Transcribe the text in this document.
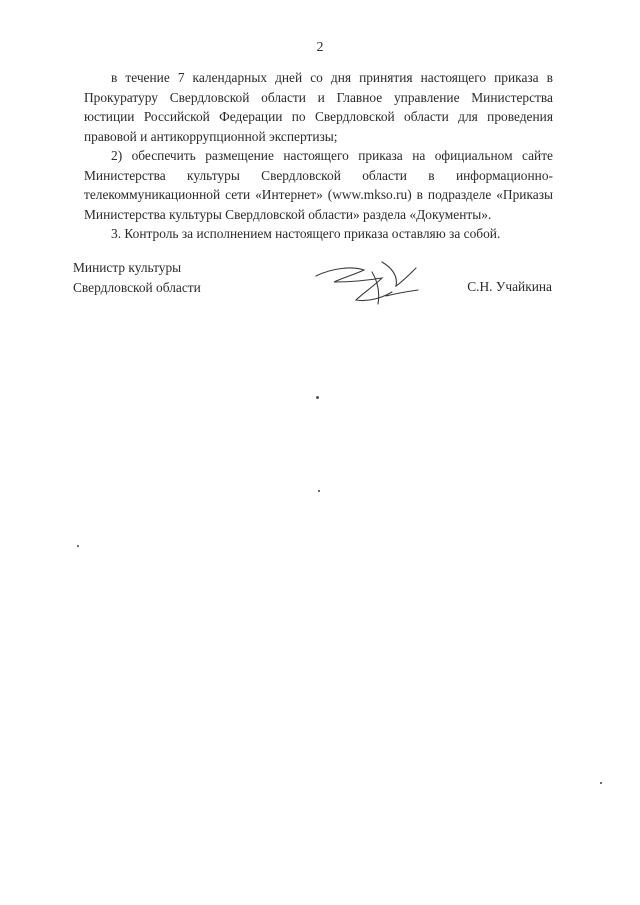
2

в течение 7 календарных дней со дня принятия настоящего приказа в Прокуратуру Свердловской области и Главное управление Министерства юстиции Российской Федерации по Свердловской области для проведения правовой и антикоррупционной экспертизы;

2) обеспечить размещение настоящего приказа на официальном сайте Министерства культуры Свердловской области в информационно-телекоммуникационной сети «Интернет» (www.mkso.ru) в подразделе «Приказы Министерства культуры Свердловской области» раздела «Документы».

3. Контроль за исполнением настоящего приказа оставляю за собой.

Министр культуры
Свердловской области	С.Н. Учайкина
